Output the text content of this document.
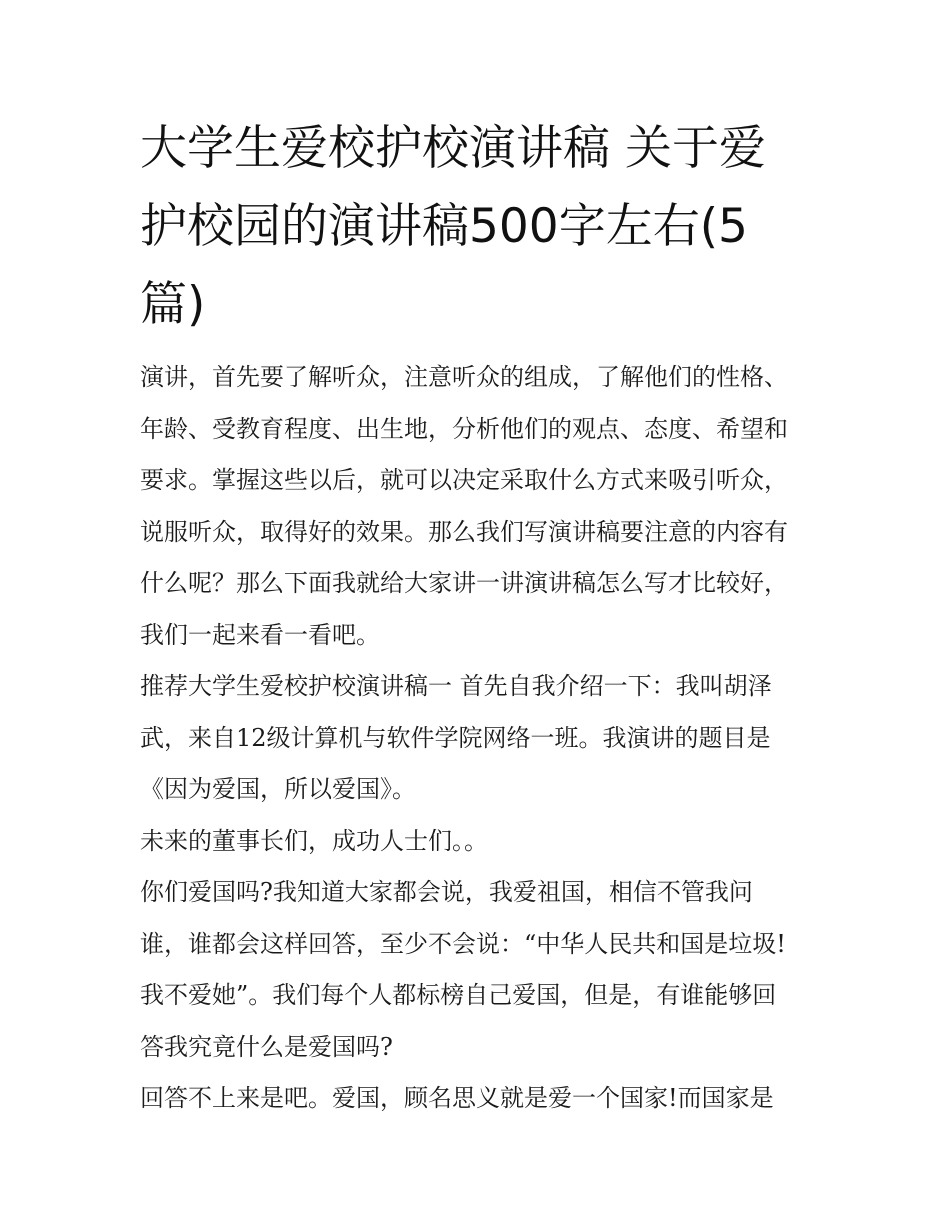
大学生爱校护校演讲稿 关于爱
护校园的演讲稿500字左右(5
篇)

演讲，首先要了解听众，注意听众的组成，了解他们的性格、
年龄、受教育程度、出生地，分析他们的观点、态度、希望和
要求。掌握这些以后，就可以决定采取什么方式来吸引听众，
说服听众，取得好的效果。那么我们写演讲稿要注意的内容有
什么呢？那么下面我就给大家讲一讲演讲稿怎么写才比较好，
我们一起来看一看吧。

推荐大学生爱校护校演讲稿一 首先自我介绍一下：我叫胡泽
武，来自12级计算机与软件学院网络一班。我演讲的题目是
《因为爱国，所以爱国》。

未来的董事长们，成功人士们。。

你们爱国吗?我知道大家都会说，我爱祖国，相信不管我问
谁，谁都会这样回答，至少不会说：“中华人民共和国是垃圾!
我不爱她”。我们每个人都标榜自己爱国，但是，有谁能够回
答我究竟什么是爱国吗?

回答不上来是吧。爱国，顾名思义就是爱一个国家!而国家是
